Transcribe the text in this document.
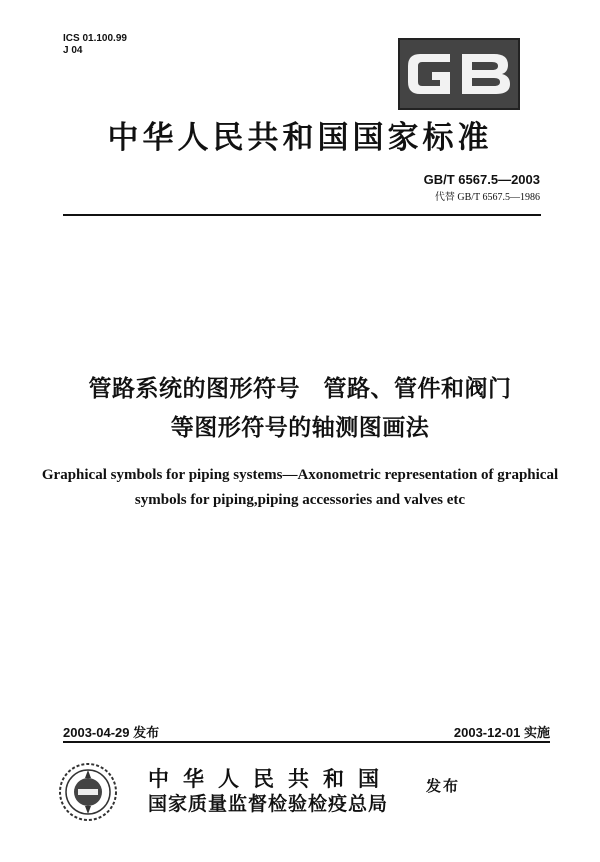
ICS 01.100.99
J 04
中华人民共和国国家标准
GB/T 6567.5—2003
代替 GB/T 6567.5—1986
管路系统的图形符号　管路、管件和阀门
等图形符号的轴测图画法
Graphical symbols for piping systems—Axonometric representation of graphical
symbols for piping,piping accessories and valves etc
2003-04-29 发布	2003-12-01 实施
中华人民共和国
国家质量监督检验检疫总局
发布
